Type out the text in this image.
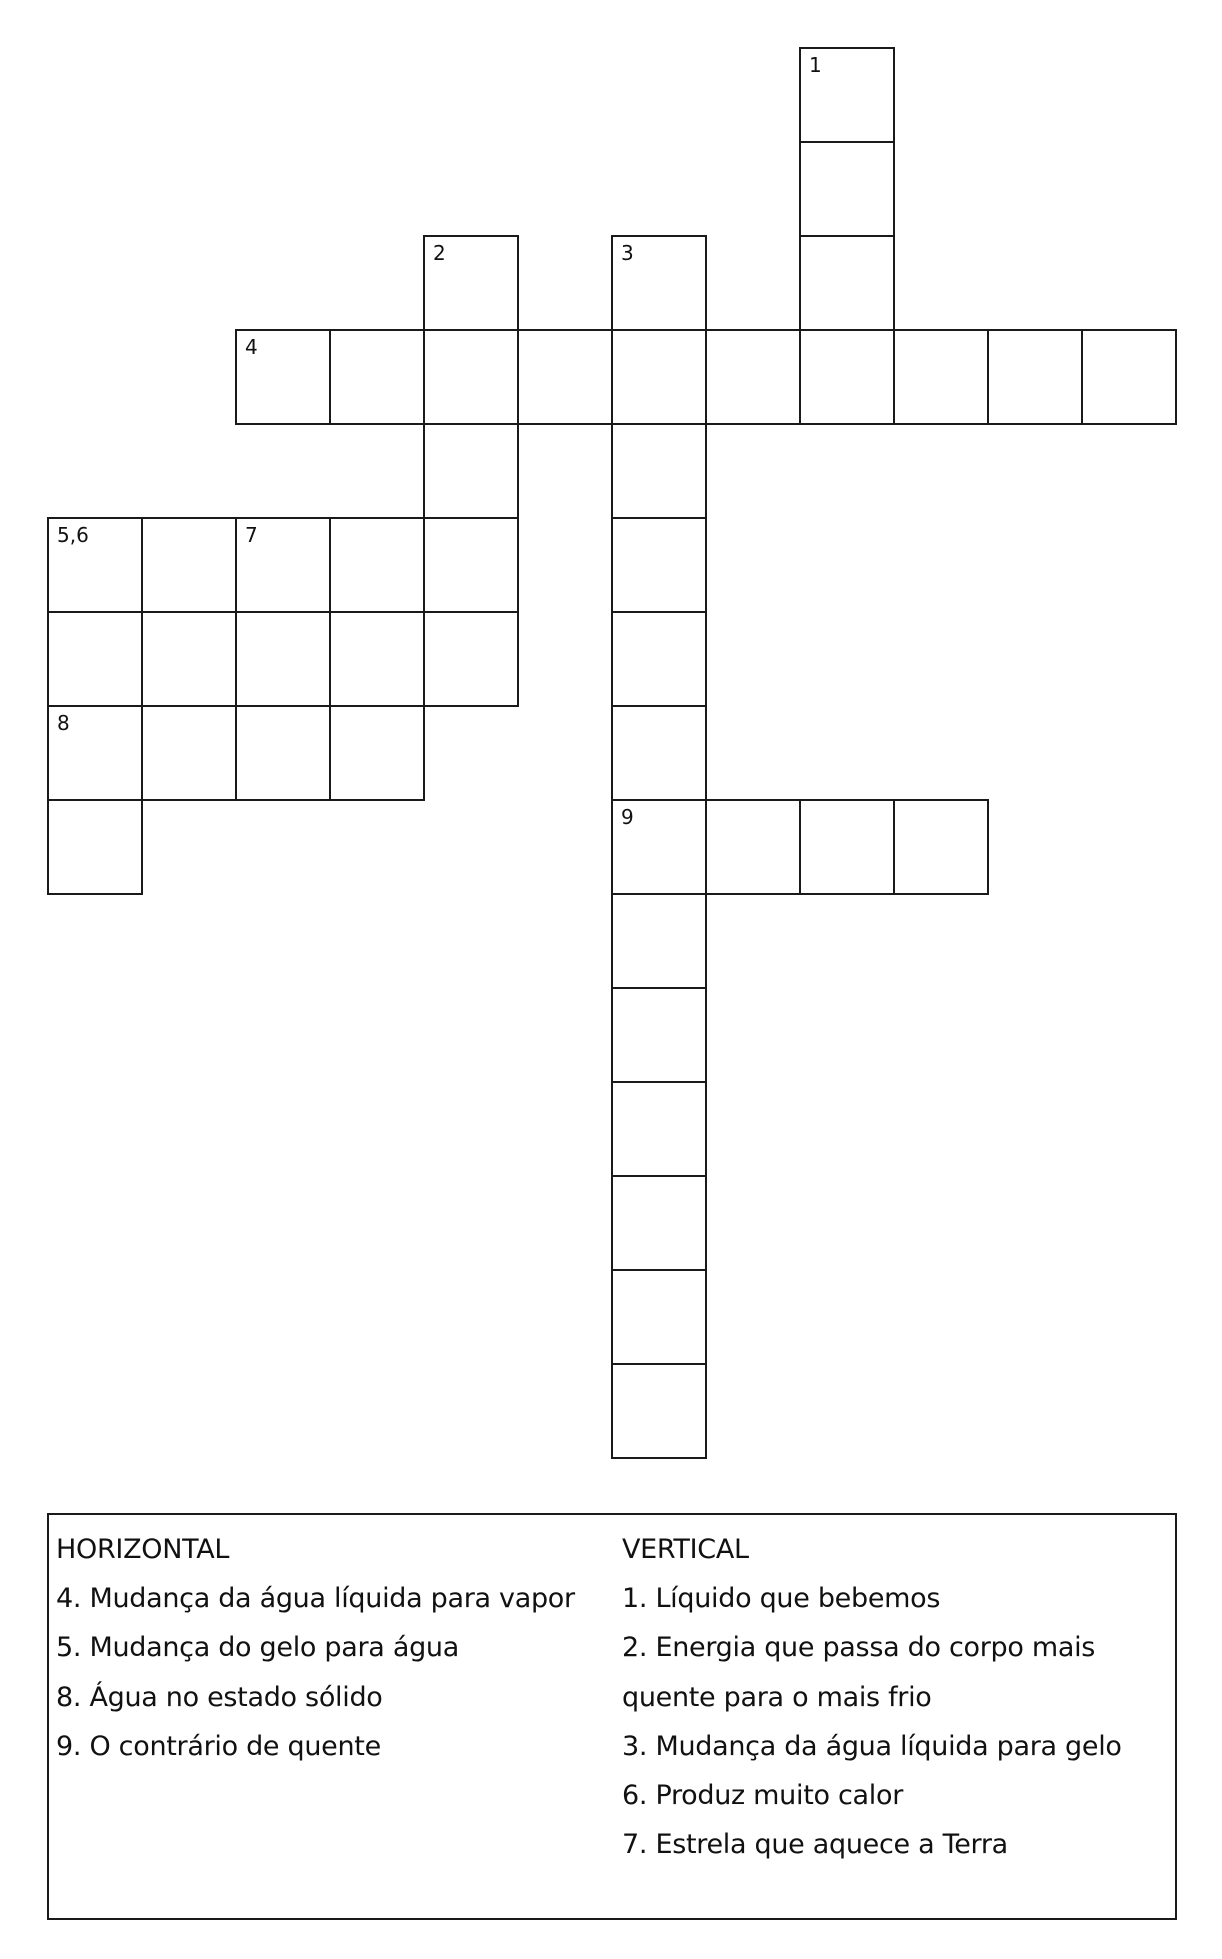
1
2	3
4
5,6	7
8
9
HORIZONTAL
4. Mudança da água líquida para vapor
5. Mudança do gelo para água
8. Água no estado sólido
9. O contrário de quente
VERTICAL
1. Líquido que bebemos
2. Energia que passa do corpo mais
quente para o mais frio
3. Mudança da água líquida para gelo
6. Produz muito calor
7. Estrela que aquece a Terra
